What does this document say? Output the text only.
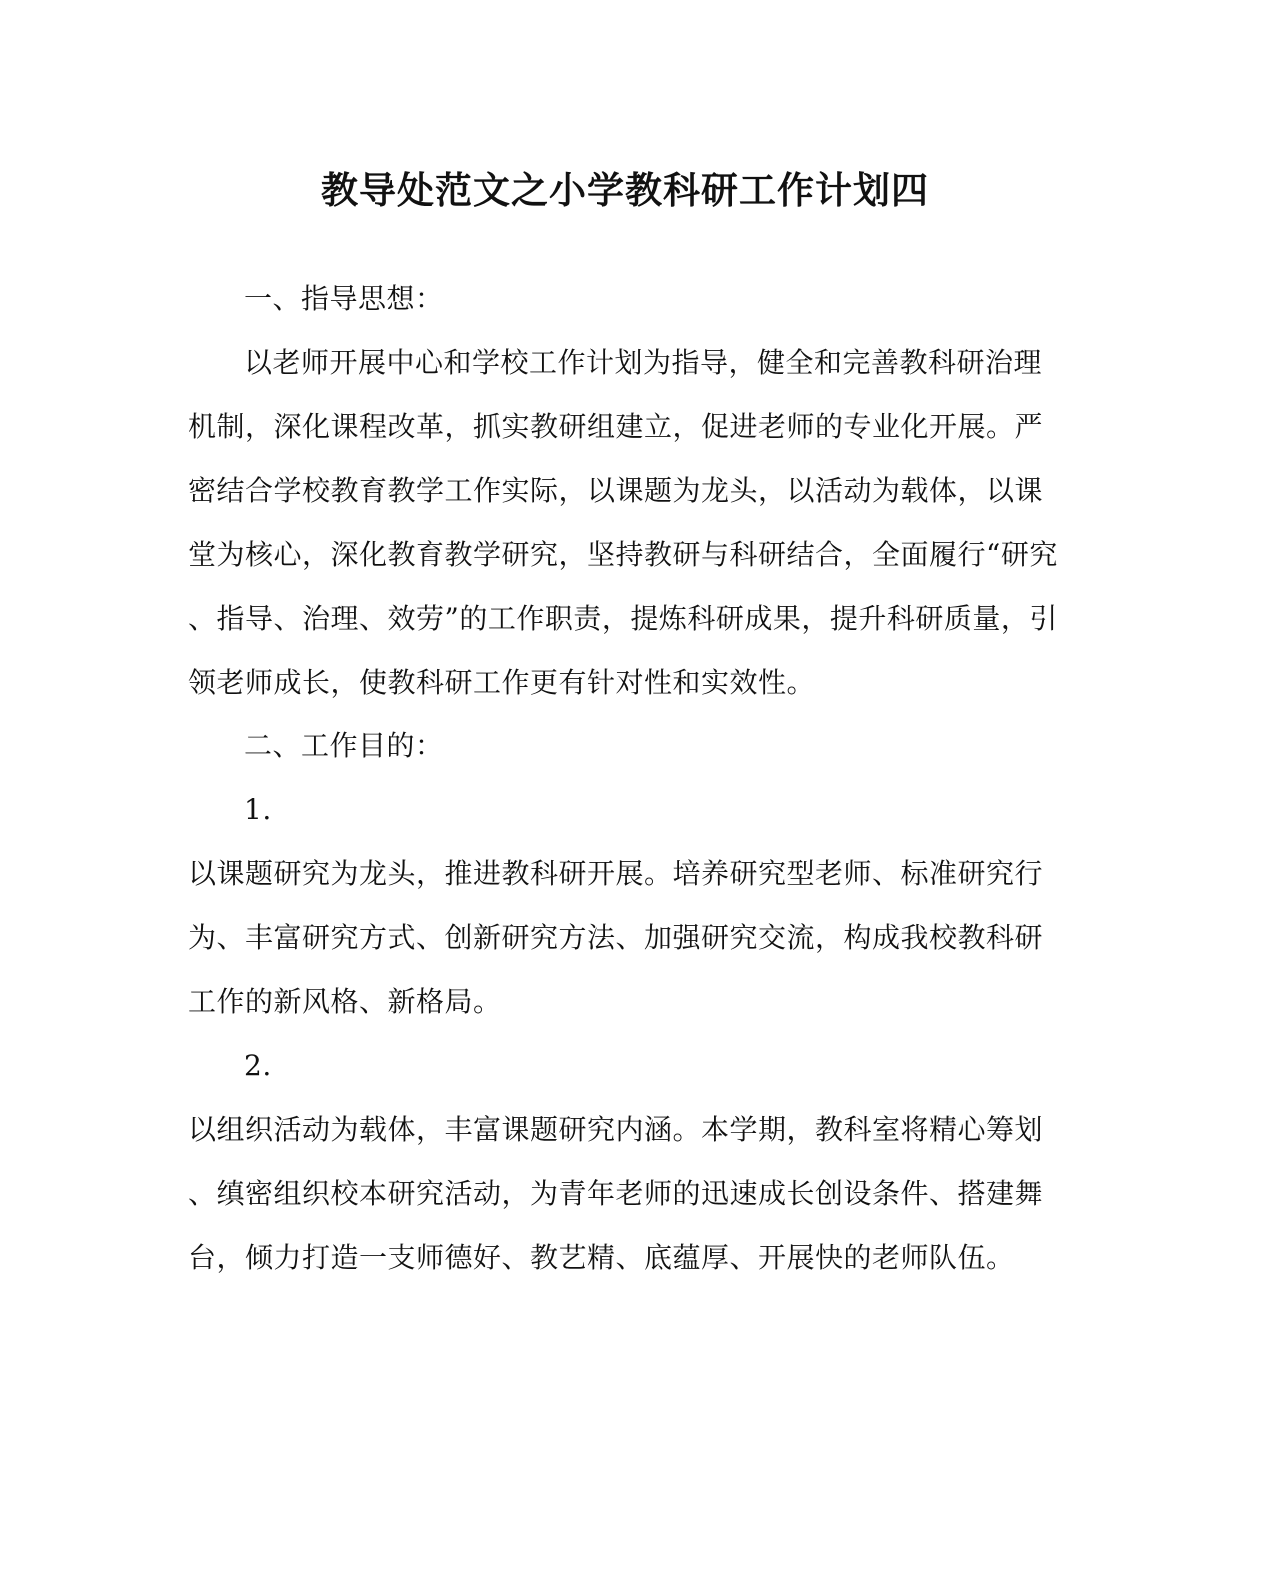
教导处范文之小学教科研工作计划四
一、指导思想：
以老师开展中心和学校工作计划为指导，健全和完善教科研治理
机制，深化课程改革，抓实教研组建立，促进老师的专业化开展。严
密结合学校教育教学工作实际，以课题为龙头，以活动为载体，以课
堂为核心，深化教育教学研究，坚持教研与科研结合，全面履行“研究
、指导、治理、效劳”的工作职责，提炼科研成果，提升科研质量，引
领老师成长，使教科研工作更有针对性和实效性。
二、工作目的：
1.
以课题研究为龙头，推进教科研开展。培养研究型老师、标准研究行
为、丰富研究方式、创新研究方法、加强研究交流，构成我校教科研
工作的新风格、新格局。
2.
以组织活动为载体，丰富课题研究内涵。本学期，教科室将精心筹划
、缜密组织校本研究活动，为青年老师的迅速成长创设条件、搭建舞
台，倾力打造一支师德好、教艺精、底蕴厚、开展快的老师队伍。
